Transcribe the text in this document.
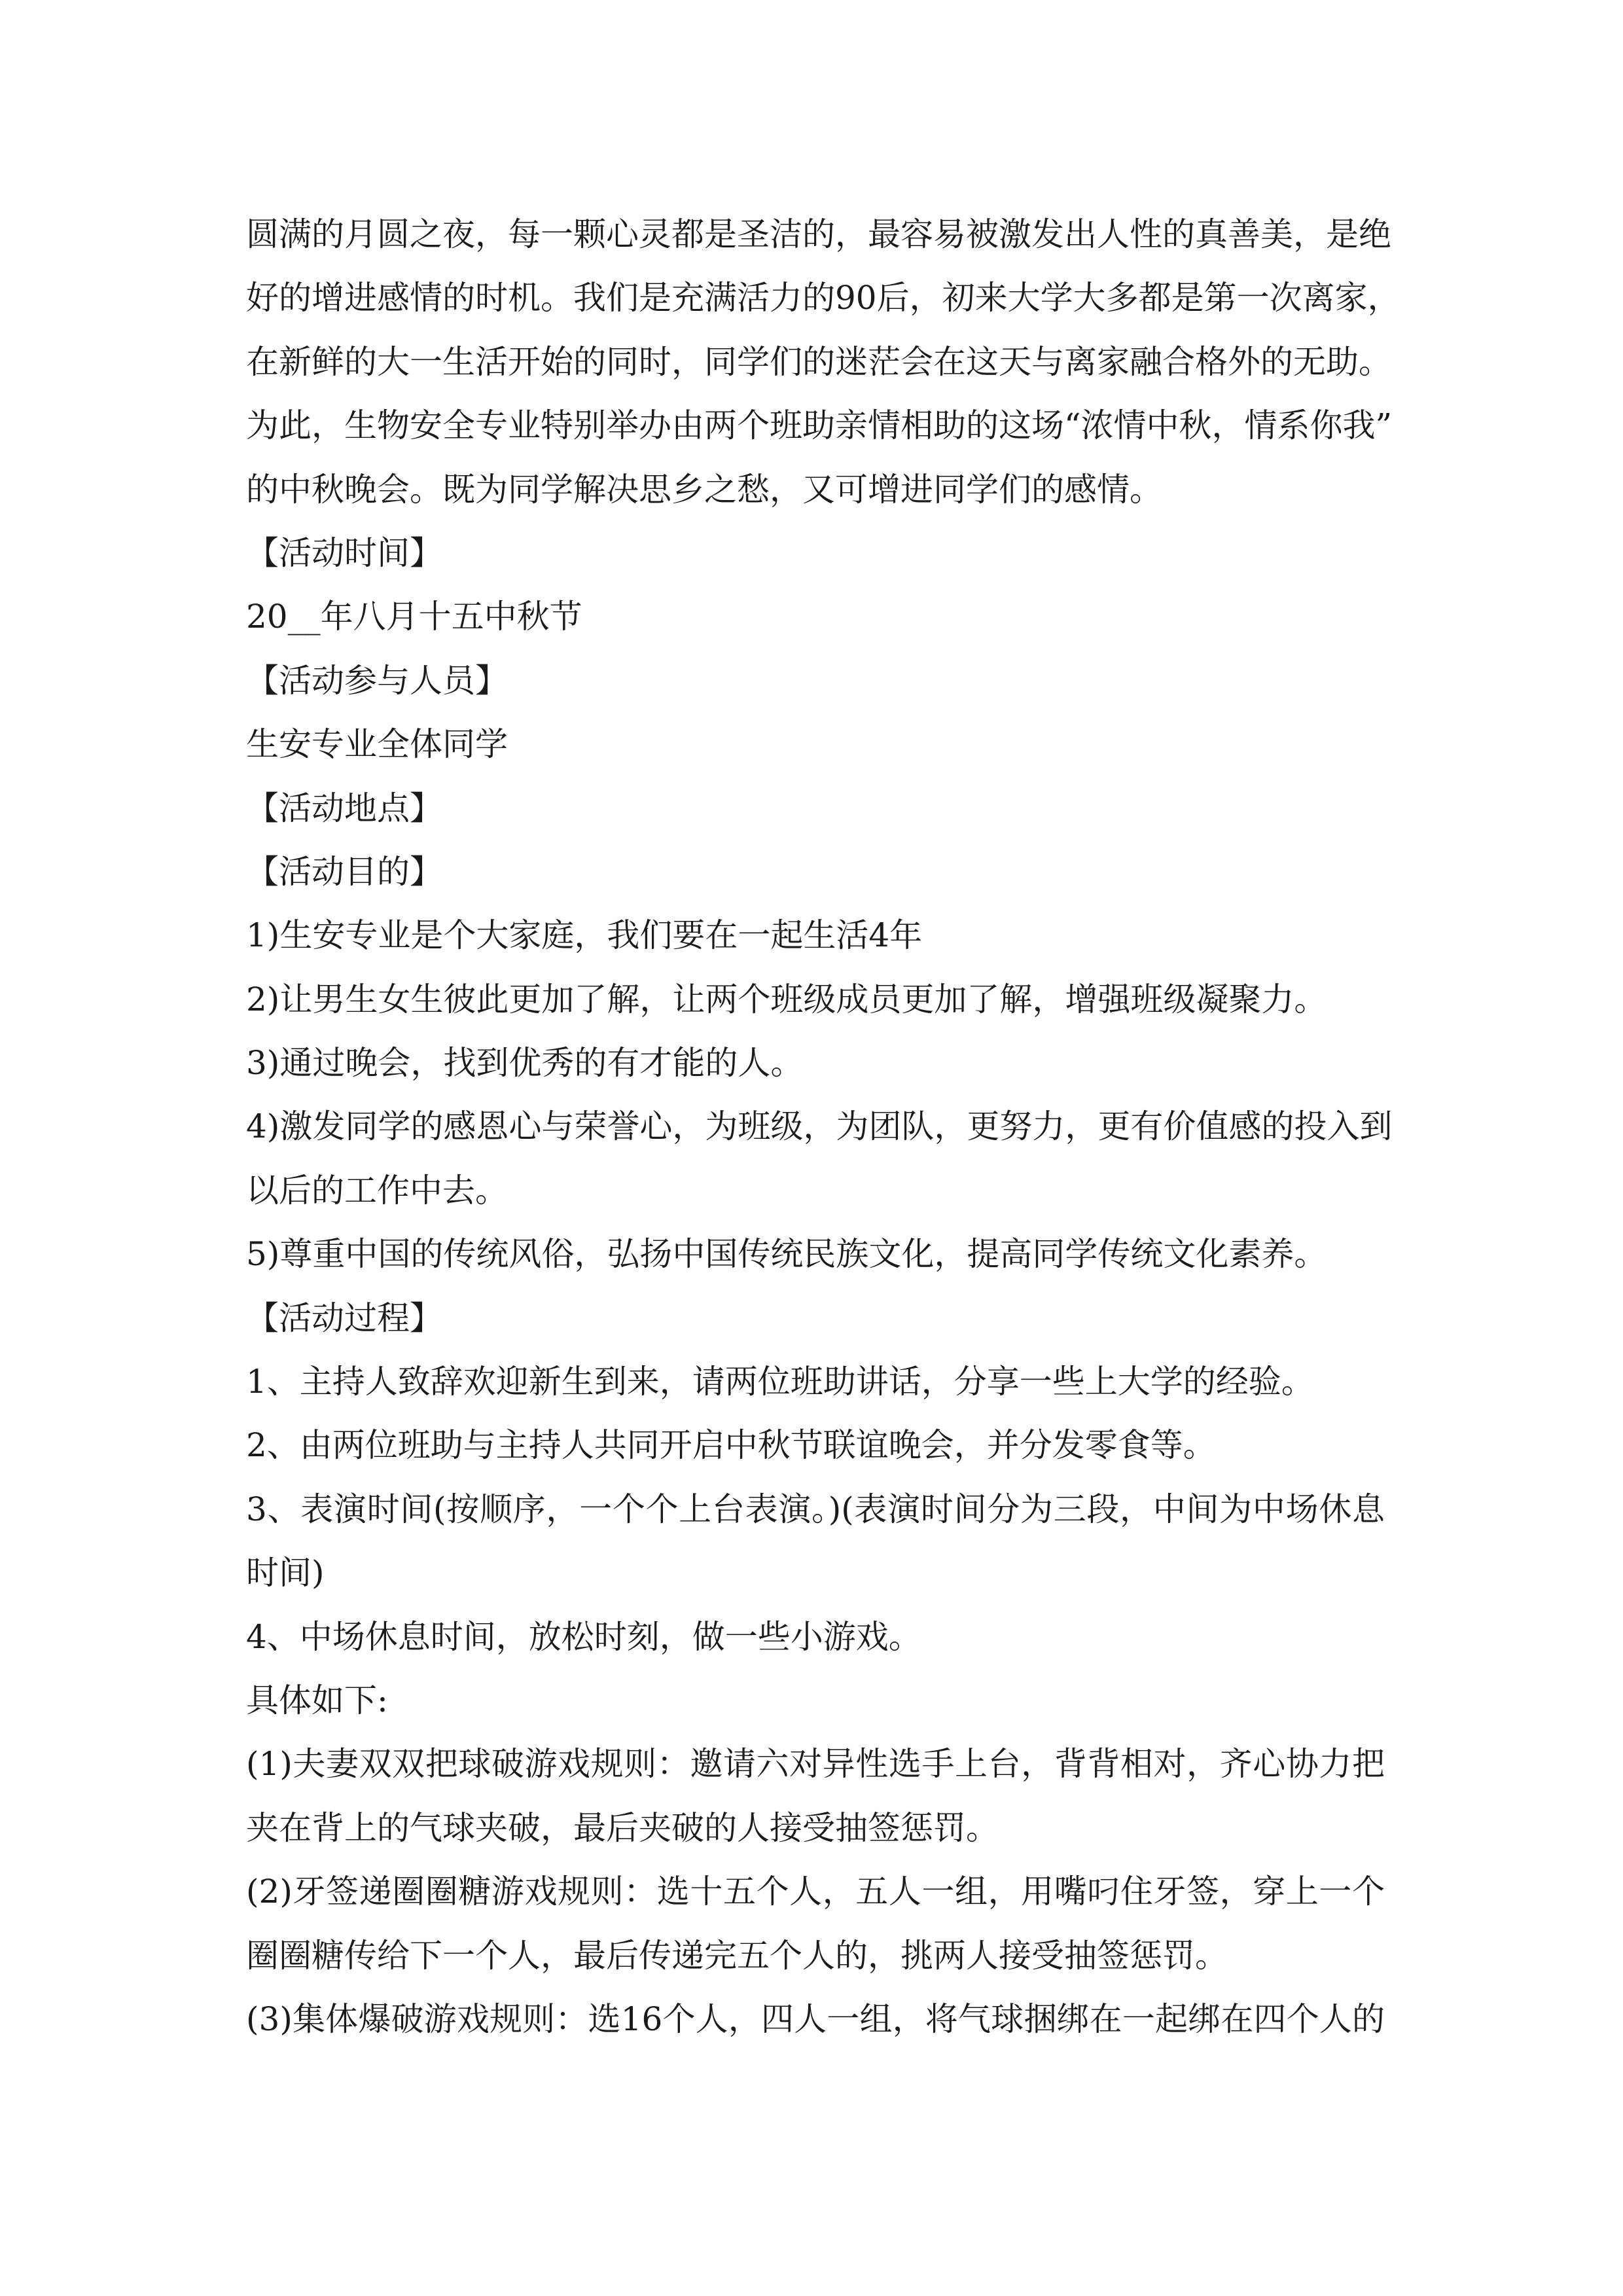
圆满的月圆之夜，每一颗心灵都是圣洁的，最容易被激发出人性的真善美，是绝
好的增进感情的时机。我们是充满活力的90后，初来大学大多都是第一次离家，
在新鲜的大一生活开始的同时，同学们的迷茫会在这天与离家融合格外的无助。
为此，生物安全专业特别举办由两个班助亲情相助的这场“浓情中秋，情系你我”
的中秋晚会。既为同学解决思乡之愁，又可增进同学们的感情。
【活动时间】
20__年八月十五中秋节
【活动参与人员】
生安专业全体同学
【活动地点】
【活动目的】
1)生安专业是个大家庭，我们要在一起生活4年
2)让男生女生彼此更加了解，让两个班级成员更加了解，增强班级凝聚力。
3)通过晚会，找到优秀的有才能的人。
4)激发同学的感恩心与荣誉心，为班级，为团队，更努力，更有价值感的投入到
以后的工作中去。
5)尊重中国的传统风俗，弘扬中国传统民族文化，提高同学传统文化素养。
【活动过程】
1、主持人致辞欢迎新生到来，请两位班助讲话，分享一些上大学的经验。
2、由两位班助与主持人共同开启中秋节联谊晚会，并分发零食等。
3、表演时间(按顺序，一个个上台表演。)(表演时间分为三段，中间为中场休息
时间)
4、中场休息时间，放松时刻，做一些小游戏。
具体如下:
(1)夫妻双双把球破游戏规则：邀请六对异性选手上台，背背相对，齐心协力把
夹在背上的气球夹破，最后夹破的人接受抽签惩罚。
(2)牙签递圈圈糖游戏规则：选十五个人，五人一组，用嘴叼住牙签，穿上一个
圈圈糖传给下一个人，最后传递完五个人的，挑两人接受抽签惩罚。
(3)集体爆破游戏规则：选16个人，四人一组，将气球捆绑在一起绑在四个人的
